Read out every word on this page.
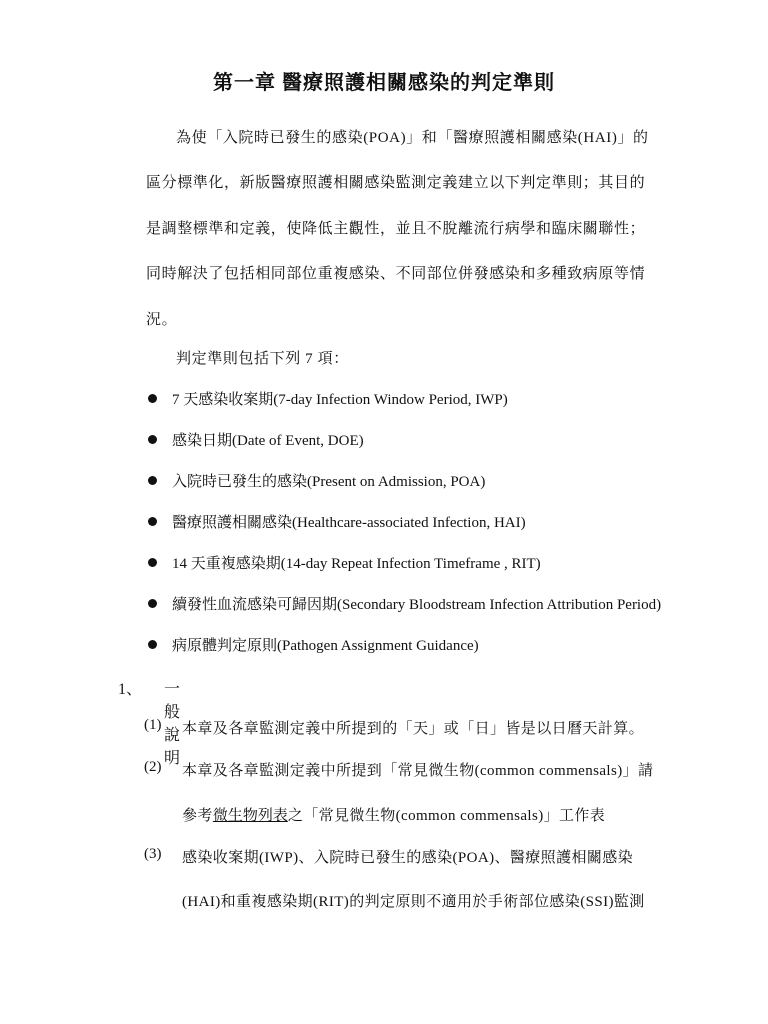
第一章 醫療照護相關感染的判定準則
為使「入院時已發生的感染(POA)」和「醫療照護相關感染(HAI)」的
區分標準化，新版醫療照護相關感染監測定義建立以下判定準則；其目的
是調整標準和定義，使降低主觀性，並且不脫離流行病學和臨床關聯性；
同時解決了包括相同部位重複感染、不同部位併發感染和多種致病原等情
況。
判定準則包括下列 7 項：
7 天感染收案期(7-day Infection Window Period, IWP)
感染日期(Date of Event, DOE)
入院時已發生的感染(Present on Admission, POA)
醫療照護相關感染(Healthcare-associated Infection, HAI)
14 天重複感染期(14-day Repeat Infection Timeframe , RIT)
續發性血流感染可歸因期(Secondary Bloodstream Infection Attribution Period)
病原體判定原則(Pathogen Assignment Guidance)
1、 一般說明
(1) 本章及各章監測定義中所提到的「天」或「日」皆是以日曆天計算。
(2) 本章及各章監測定義中所提到「常見微生物(common commensals)」請
參考微生物列表之「常見微生物(common commensals)」工作表
(3) 感染收案期(IWP)、入院時已發生的感染(POA)、醫療照護相關感染
(HAI)和重複感染期(RIT)的判定原則不適用於手術部位感染(SSI)監測
